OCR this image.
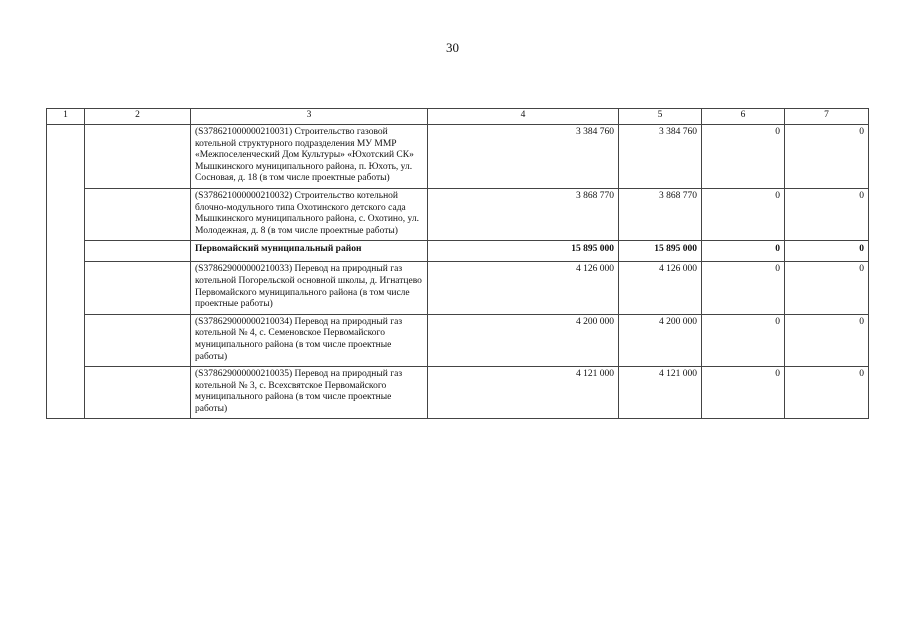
30
1	2	3	4	5	6	7
		(S378621000000210031) Строительство газовой котельной структурного подразделения МУ ММР «Межпоселенческий Дом Культуры» «Юхотский СК» Мышкинского муниципального района, п. Юхоть, ул. Сосновая, д. 18 (в том числе проектные работы)	3 384 760	3 384 760	0	0
		(S378621000000210032) Строительство котельной блочно-модульного типа Охотинского детского сада Мышкинского муниципального района, с. Охотино, ул. Молодежная, д. 8 (в том числе проектные работы)	3 868 770	3 868 770	0	0
		Первомайский муниципальный район	15 895 000	15 895 000	0	0
		(S378629000000210033) Перевод на природный газ котельной Погорельской основной школы, д. Игнатцево Первомайского муниципального района (в том числе проектные работы)	4 126 000	4 126 000	0	0
		(S378629000000210034) Перевод на природный газ котельной № 4, с. Семеновское Первомайского муниципального района (в том числе проектные работы)	4 200 000	4 200 000	0	0
		(S378629000000210035) Перевод на природный газ котельной № 3, с. Всехсвятское Первомайского муниципального района (в том числе проектные работы)	4 121 000	4 121 000	0	0
